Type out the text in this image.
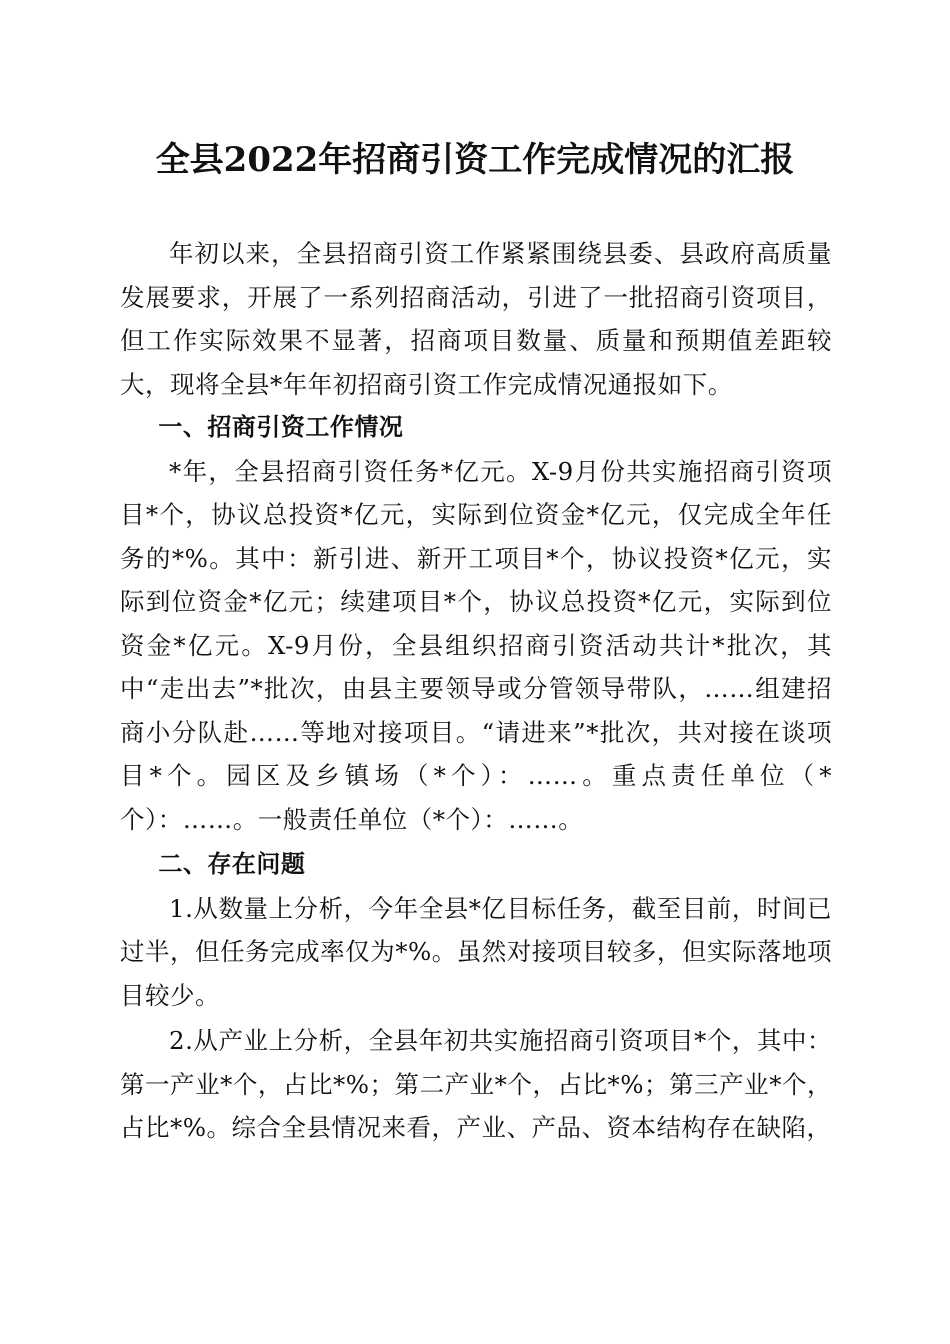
全县2022年招商引资工作完成情况的汇报

年初以来，全县招商引资工作紧紧围绕县委、县政府高质量发展要求，开展了一系列招商活动，引进了一批招商引资项目，但工作实际效果不显著，招商项目数量、质量和预期值差距较大，现将全县*年年初招商引资工作完成情况通报如下。

一、招商引资工作情况

*年，全县招商引资任务*亿元。X-9月份共实施招商引资项目*个，协议总投资*亿元，实际到位资金*亿元，仅完成全年任务的*%。其中：新引进、新开工项目*个，协议投资*亿元，实际到位资金*亿元；续建项目*个，协议总投资*亿元，实际到位资金*亿元。X-9月份，全县组织招商引资活动共计*批次，其中“走出去”*批次，由县主要领导或分管领导带队，……组建招商小分队赴……等地对接项目。“请进来”*批次，共对接在谈项目*个。园区及乡镇场（*个）：……。重点责任单位（*个）：……。一般责任单位（*个）：……。

二、存在问题

1.从数量上分析，今年全县*亿目标任务，截至目前，时间已过半，但任务完成率仅为*%。虽然对接项目较多，但实际落地项目较少。

2.从产业上分析，全县年初共实施招商引资项目*个，其中：第一产业*个，占比*%；第二产业*个，占比*%；第三产业*个，占比*%。综合全县情况来看，产业、产品、资本结构存在缺陷，
